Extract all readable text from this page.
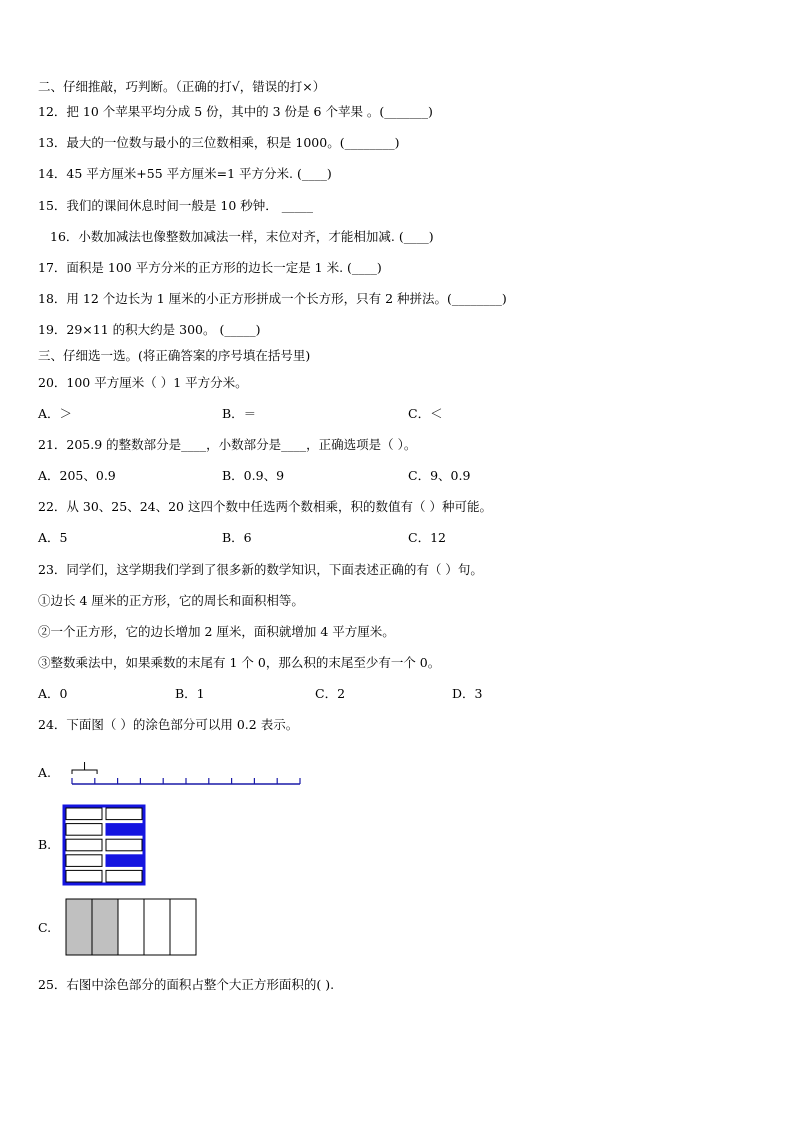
二、仔细推敲，巧判断。（正确的打√，错误的打×）
12．把 10 个苹果平均分成 5 份，其中的 3 份是 6 个苹果 。(_______)
13．最大的一位数与最小的三位数相乘，积是 1000。(________)
14．45 平方厘米+55 平方厘米=1 平方分米. (____)
15．我们的课间休息时间一般是 10 秒钟． _____
16．小数加减法也像整数加减法一样，末位对齐，才能相加减. (____)
17．面积是 100 平方分米的正方形的边长一定是 1 米. (____)
18．用 12 个边长为 1 厘米的小正方形拼成一个长方形，只有 2 种拼法。(________)
19．29×11 的积大约是 300。 (_____)
三、仔细选一选。(将正确答案的序号填在括号里)
20．100 平方厘米（ ）1 平方分米。
A．＞	B．＝	C．＜
21．205.9 的整数部分是____，小数部分是____，正确选项是（ ）。
A．205、0.9	B．0.9、9	C．9、0.9
22．从 30、25、24、20 这四个数中任选两个数相乘，积的数值有（ ）种可能。
A．5	B．6	C．12
23．同学们，这学期我们学到了很多新的数学知识，下面表述正确的有（ ）句。
①边长 4 厘米的正方形，它的周长和面积相等。
②一个正方形，它的边长增加 2 厘米，面积就增加 4 平方厘米。
③整数乘法中，如果乘数的末尾有 1 个 0，那么积的末尾至少有一个 0。
A．0	B．1	C．2	D．3
24．下面图（ ）的涂色部分可以用 0.2 表示。
A.
B.
C.
25．右图中涂色部分的面积占整个大正方形面积的( ).
